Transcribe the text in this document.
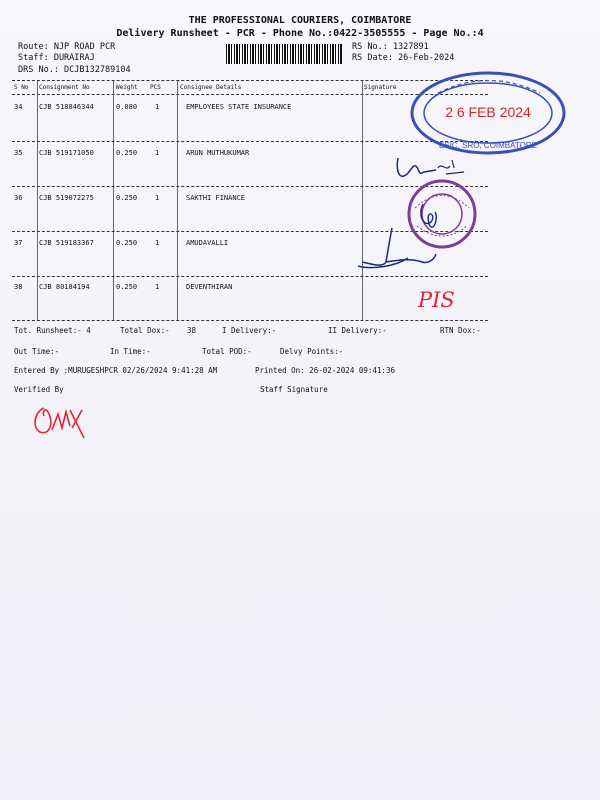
THE PROFESSIONAL COURIERS, COIMBATORE
Delivery Runsheet - PCR - Phone No.:0422-3505555 - Page No.:4
Route: NJP ROAD PCR
Staff: DURAIRAJ
DRS No.: DCJB132789104
RS No.: 1327891
RS Date: 26-Feb-2024
S No Consignment No	Weight PCS	Consignee Details	Signature
34 CJB 518846344	0.080	1	EMPLOYEES STATE INSURANCE
35 CJB 519171050	0.250	1	ARUN MUTHUKUMAR
36 CJB 519072275	0.250	1	SAKTHI FINANCE
37 CJB 519183367	0.250	1	AMUDAVALLI
38 CJB 80184194	0.250	1	DEVENTHIRAN
Tot. Runsheet:- 4	Total Dox:- 38	I Delivery:-	II Delivery:-	RTN Dox:-
Out Time:-	In Time:-	Total POD:-	Delvy Points:-
Entered By :MURUGESHPCR 02/26/2024 9:41:28 AM	Printed On: 26-02-2024 09:41:36
Verified By	Staff Signature
2 6 FEB 2024
ESIC, SRO, COIMBATORE
PIS
